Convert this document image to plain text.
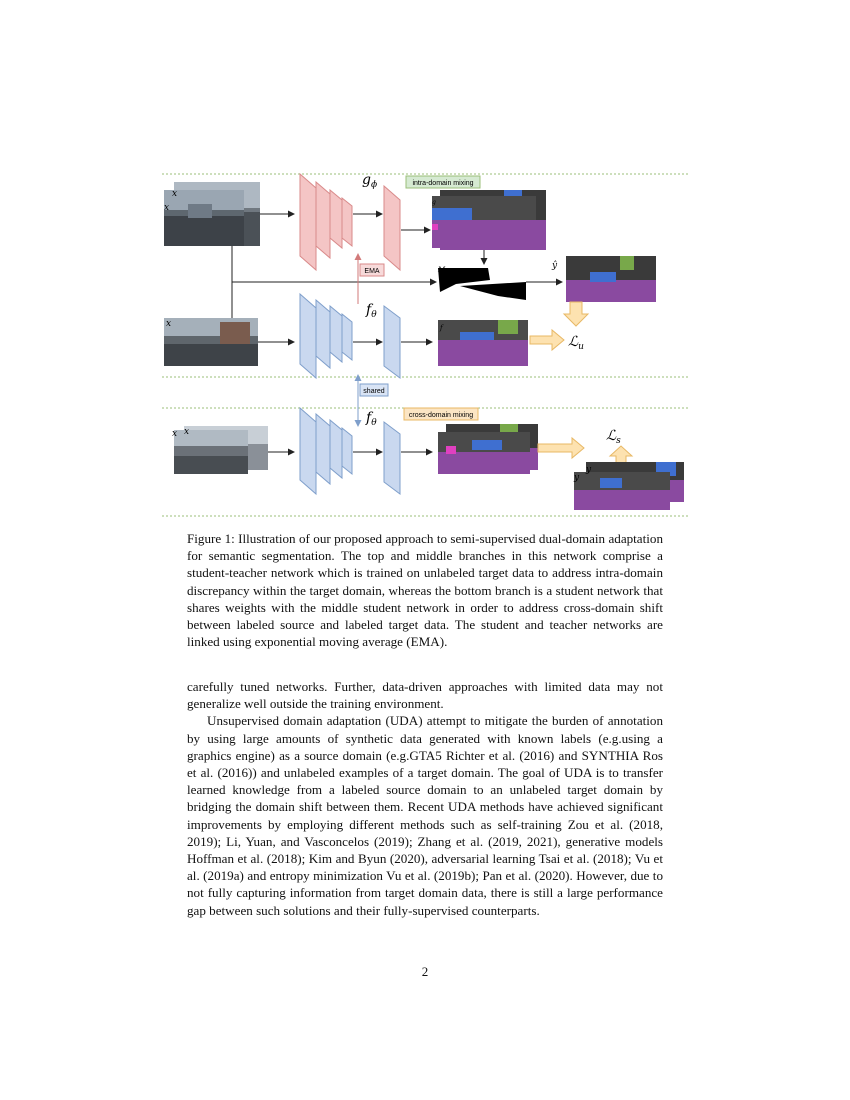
x
x
$g_\phi$	intra-domain mixing
g
M	ŷ
EMA
x
$f_\theta$
f
ℒ$_u$
shared
x x
$f_\theta$
cross-domain mixing
ℒ$_s$
y
y
Figure 1: Illustration of our proposed approach to semi-supervised dual-domain adaptation for semantic segmentation. The top and middle branches in this network comprise a student-teacher network which is trained on unlabeled target data to address intra-domain discrepancy within the target domain, whereas the bottom branch is a student network that shares weights with the middle student network in order to address cross-domain shift between labeled source and labeled target data. The student and teacher networks are linked using exponential moving average (EMA).

carefully tuned networks. Further, data-driven approaches with limited data may not generalize well outside the training environment.

Unsupervised domain adaptation (UDA) attempt to mitigate the burden of annotation by using large amounts of synthetic data generated with known labels (e.g.using a graphics engine) as a source domain (e.g.GTA5 Richter et al. (2016) and SYNTHIA Ros et al. (2016)) and unlabeled examples of a target domain. The goal of UDA is to transfer learned knowledge from a labeled source domain to an unlabeled target domain by bridging the domain shift between them. Recent UDA methods have achieved significant improvements by employing different methods such as self-training Zou et al. (2018, 2019); Li, Yuan, and Vasconcelos (2019); Zhang et al. (2019, 2021), generative models Hoffman et al. (2018); Kim and Byun (2020), adversarial learning Tsai et al. (2018); Vu et al. (2019a) and entropy minimization Vu et al. (2019b); Pan et al. (2020). However, due to not fully capturing information from target domain data, there is still a large performance gap between such solutions and their fully-supervised counterparts.

2
